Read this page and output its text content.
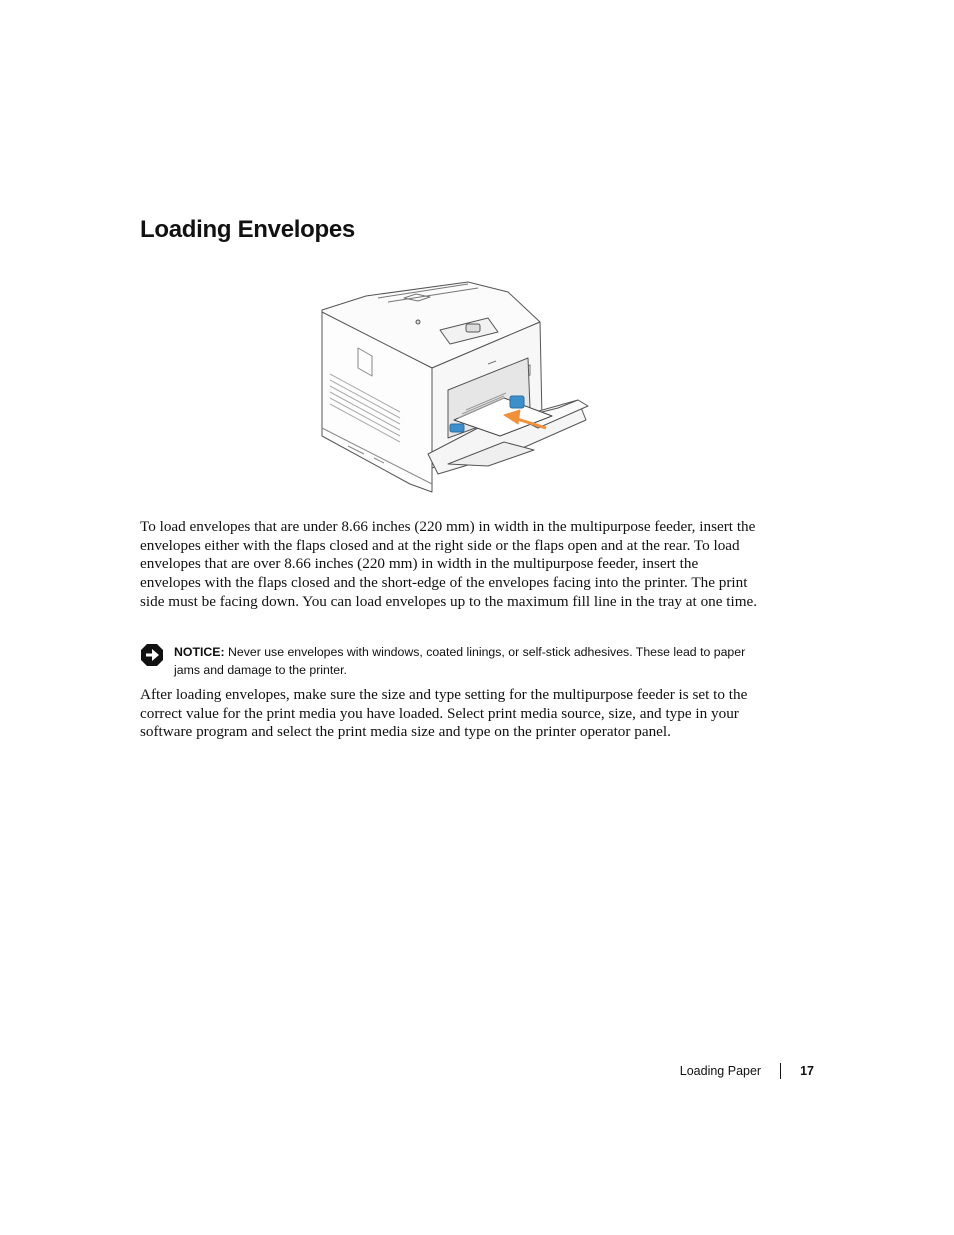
Loading Envelopes

To load envelopes that are under 8.66 inches (220 mm) in width in the multipurpose feeder, insert the envelopes either with the flaps closed and at the right side or the flaps open and at the rear. To load envelopes that are over 8.66 inches (220 mm) in width in the multipurpose feeder, insert the envelopes with the flaps closed and the short-edge of the envelopes facing into the printer. The print side must be facing down. You can load envelopes up to the maximum fill line in the tray at one time.

NOTICE: Never use envelopes with windows, coated linings, or self-stick adhesives. These lead to paper jams and damage to the printer.

After loading envelopes, make sure the size and type setting for the multipurpose feeder is set to the correct value for the print media you have loaded. Select print media source, size, and type in your software program and select the print media size and type on the printer operator panel.

Loading Paper	17
